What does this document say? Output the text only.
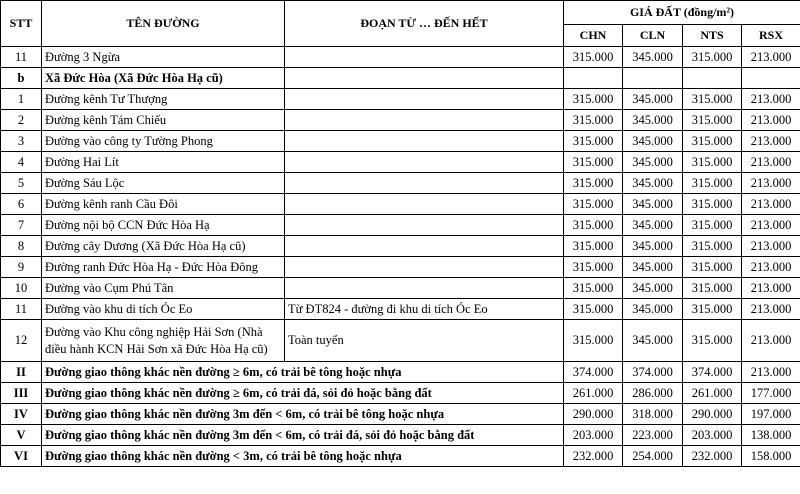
STT	TÊN ĐƯỜNG	ĐOẠN TỪ … ĐẾN HẾT	GIÁ ĐẤT (đồng/m²)			
			CHN	CLN	NTS	RSX
11	Đường 3 Ngừa		315.000	345.000	315.000	213.000
b	Xã Đức Hòa (Xã Đức Hòa Hạ cũ)					
1	Đường kênh Tư Thượng		315.000	345.000	315.000	213.000
2	Đường kênh Tám Chiếu		315.000	345.000	315.000	213.000
3	Đường vào công ty Tường Phong		315.000	345.000	315.000	213.000
4	Đường Hai Lít		315.000	345.000	315.000	213.000
5	Đường Sáu Lộc		315.000	345.000	315.000	213.000
6	Đường kênh ranh Cầu Đôi		315.000	345.000	315.000	213.000
7	Đường nội bộ CCN Đức Hòa Hạ		315.000	345.000	315.000	213.000
8	Đường cây Dương (Xã Đức Hòa Hạ cũ)		315.000	345.000	315.000	213.000
9	Đường ranh Đức Hòa Hạ - Đức Hòa Đông		315.000	345.000	315.000	213.000
10	Đường vào Cụm Phú Tân		315.000	345.000	315.000	213.000
11	Đường vào khu di tích Óc Eo	Từ ĐT824 - đường đi khu di tích Óc Eo	315.000	345.000	315.000	213.000
12	Đường vào Khu công nghiệp Hải Sơn (Nhà điều hành KCN Hải Sơn xã Đức Hòa Hạ cũ)	Toàn tuyến	315.000	345.000	315.000	213.000
II	Đường giao thông khác nền đường ≥ 6m, có trải bê tông hoặc nhựa		374.000	374.000	374.000	213.000
III	Đường giao thông khác nền đường ≥ 6m, có trải đá, sỏi đỏ hoặc bằng đất		261.000	286.000	261.000	177.000
IV	Đường giao thông khác nền đường 3m đến < 6m, có trải bê tông hoặc nhựa		290.000	318.000	290.000	197.000
V	Đường giao thông khác nền đường 3m đến < 6m, có trải đá, sỏi đỏ hoặc bằng đất		203.000	223.000	203.000	138.000
VI	Đường giao thông khác nền đường < 3m, có trải bê tông hoặc nhựa		232.000	254.000	232.000	158.000
